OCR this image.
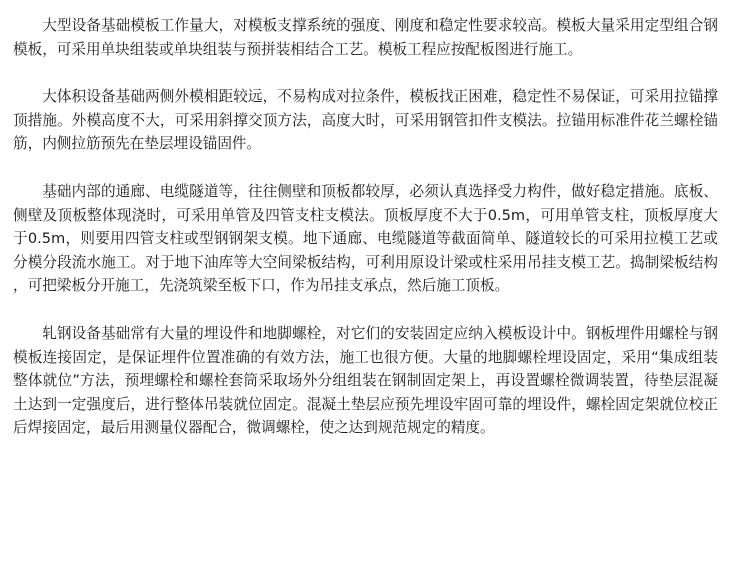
大型设备基础模板工作量大，对模板支撑系统的强度、刚度和稳定性要求较高。模板大量采用定型组合钢模板，可采用单块组装或单块组装与预拼装相结合工艺。模板工程应按配板图进行施工。

大体积设备基础两侧外模相距较远，不易构成对拉条件，模板找正困难，稳定性不易保证，可采用拉锚撑顶措施。外模高度不大，可采用斜撑交顶方法，高度大时，可采用钢管扣件支模法。拉锚用标准件花兰螺栓锚筋，内侧拉筋预先在垫层埋设锚固件。

基础内部的通廊、电缆隧道等，往往侧壁和顶板都较厚，必须认真选择受力构件，做好稳定措施。底板、侧壁及顶板整体现浇时，可采用单管及四管支柱支模法。顶板厚度不大于0.5m，可用单管支柱，顶板厚度大于0.5m，则要用四管支柱或型钢钢架支模。地下通廊、电缆隧道等截面简单、隧道较长的可采用拉模工艺或分模分段流水施工。对于地下油库等大空间梁板结构，可利用原设计梁或柱采用吊挂支模工艺。捣制梁板结构，可把梁板分开施工，先浇筑梁至板下口，作为吊挂支承点，然后施工顶板。

轧钢设备基础常有大量的埋设件和地脚螺栓，对它们的安装固定应纳入模板设计中。钢板埋件用螺栓与钢模板连接固定，是保证埋件位置准确的有效方法，施工也很方便。大量的地脚螺栓埋设固定，采用“集成组装整体就位”方法，预埋螺栓和螺栓套筒采取场外分组组装在钢制固定架上，再设置螺栓微调装置，待垫层混凝土达到一定强度后，进行整体吊装就位固定。混凝土垫层应预先埋设牢固可靠的埋设件，螺栓固定架就位校正后焊接固定，最后用测量仪器配合，微调螺栓，使之达到规范规定的精度。
